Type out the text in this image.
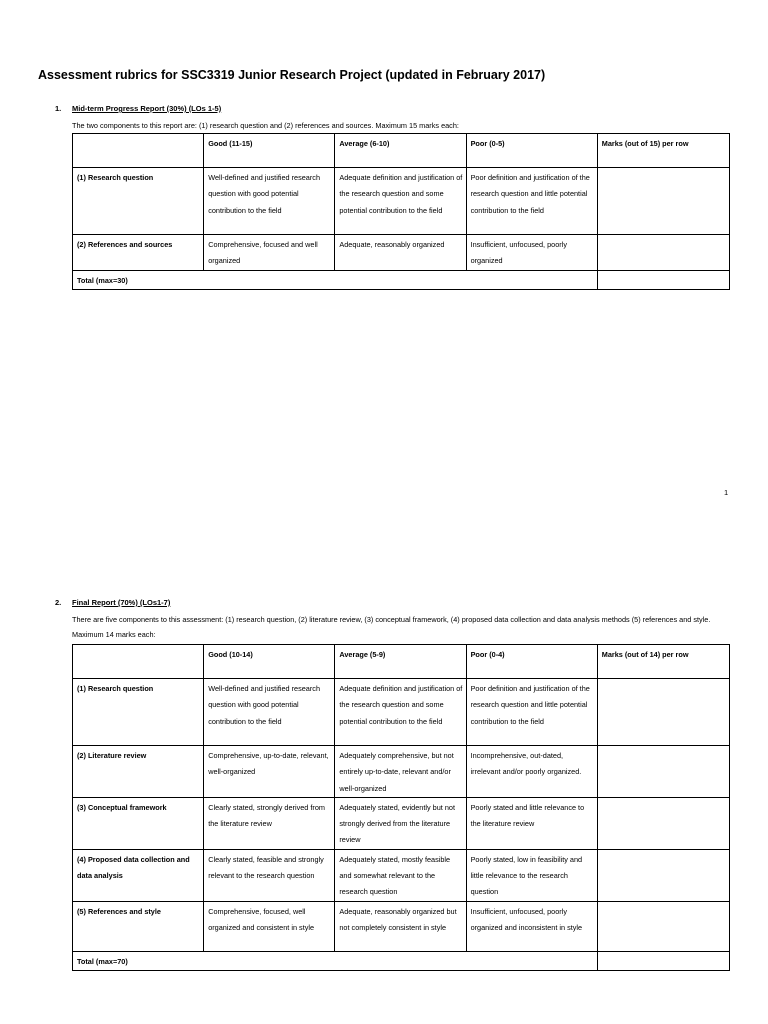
Assessment rubrics for SSC3319 Junior Research Project (updated in February 2017)
1. Mid-term Progress Report (30%) (LOs 1-5)
The two components to this report are: (1) research question and (2) references and sources. Maximum 15 marks each:
	Good (11-15)	Average (6-10)	Poor (0-5)	Marks (out of 15) per row
(1) Research question	Well-defined and justified research question with good potential contribution to the field	Adequate definition and justification of the research question and some potential contribution to the field	Poor definition and justification of the research question and little potential contribution to the field	
(2) References and sources	Comprehensive, focused and well organized	Adequate, reasonably organized	Insufficient, unfocused, poorly organized	
Total (max=30)				
1
2. Final Report (70%) (LOs1-7)
There are five components to this assessment: (1) research question, (2) literature review, (3) conceptual framework, (4) proposed data collection and data analysis methods (5) references and style. Maximum 14 marks each:
	Good (10-14)	Average (5-9)	Poor (0-4)	Marks (out of 14) per row
(1) Research question	Well-defined and justified research question with good potential contribution to the field	Adequate definition and justification of the research question and some potential contribution to the field	Poor definition and justification of the research question and little potential contribution to the field	
(2) Literature review	Comprehensive, up-to-date, relevant, well-organized	Adequately comprehensive, but not entirely up-to-date, relevant and/or well-organized	Incomprehensive, out-dated, irrelevant and/or poorly organized.	
(3) Conceptual framework	Clearly stated, strongly derived from the literature review	Adequately stated, evidently but not strongly derived from the literature review	Poorly stated and little relevance to the literature review	
(4) Proposed data collection and data analysis	Clearly stated, feasible and strongly relevant to the research question	Adequately stated, mostly feasible and somewhat relevant to the research question	Poorly stated, low in feasibility and little relevance to the research question	
(5) References and style	Comprehensive, focused, well organized and consistent in style	Adequate, reasonably organized but not completely consistent in style	Insufficient, unfocused, poorly organized and inconsistent in style	
Total (max=70)				
